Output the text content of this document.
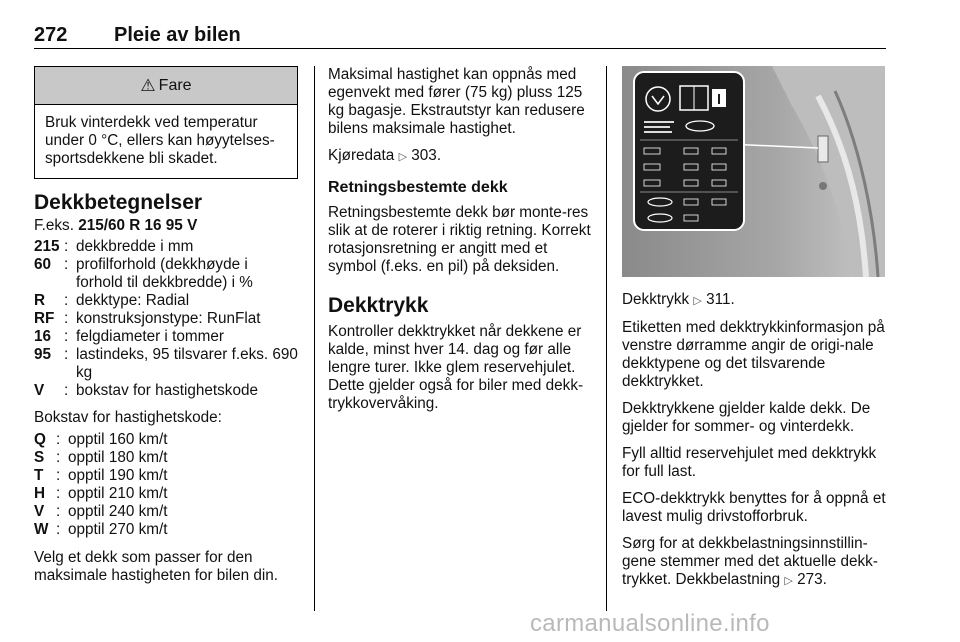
272 Pleie av bilen
⚠ Fare
Bruk vinterdekk ved temperatur under 0 °C, ellers kan høyytelses-sportsdekkene bli skadet.
Dekkbetegnelser
F.eks. 215/60 R 16 95 V
215 : dekkbredde i mm
60 : profilforhold (dekkhøyde i forhold til dekkbredde) i %
R	: dekktype: Radial
RF : konstruksjonstype: RunFlat
16 : felgdiameter i tommer
95 : lastindeks, 95 tilsvarer f.eks. 690 kg
V	: bokstav for hastighetskode
Bokstav for hastighetskode:
Q : opptil 160 km/t
S : opptil 180 km/t
T : opptil 190 km/t
H : opptil 210 km/t
V : opptil 240 km/t
W : opptil 270 km/t
Velg et dekk som passer for den maksimale hastigheten for bilen din.

Maksimal hastighet kan oppnås med egenvekt med fører (75 kg) pluss 125 kg bagasje. Ekstrautstyr kan redusere bilens maksimale hastighet.

Kjøredata ▷ 303.

Retningsbestemte dekk

Retningsbestemte dekk bør monte-res slik at de roterer i riktig retning. Korrekt rotasjonsretning er angitt med et symbol (f.eks. en pil) på deksiden.

Dekktrykk

Kontroller dekktrykket når dekkene er kalde, minst hver 14. dag og før alle lengre turer. Ikke glem reservehjulet. Dette gjelder også for biler med dekk-trykkovervåking.

Dekktrykk ▷ 311.

Etiketten med dekktrykkinformasjon på venstre dørramme angir de origi-nale dekktypene og det tilsvarende dekktrykket.

Dekktrykkene gjelder kalde dekk. De gjelder for sommer- og vinterdekk.

Fyll alltid reservehjulet med dekktrykk for full last.

ECO-dekktrykk benyttes for å oppnå et lavest mulig drivstofforbruk.

Sørg for at dekkbelastningsinnstillin-gene stemmer med det aktuelle dekk-trykket. Dekkbelastning ▷ 273.

carmanualsonline.info
